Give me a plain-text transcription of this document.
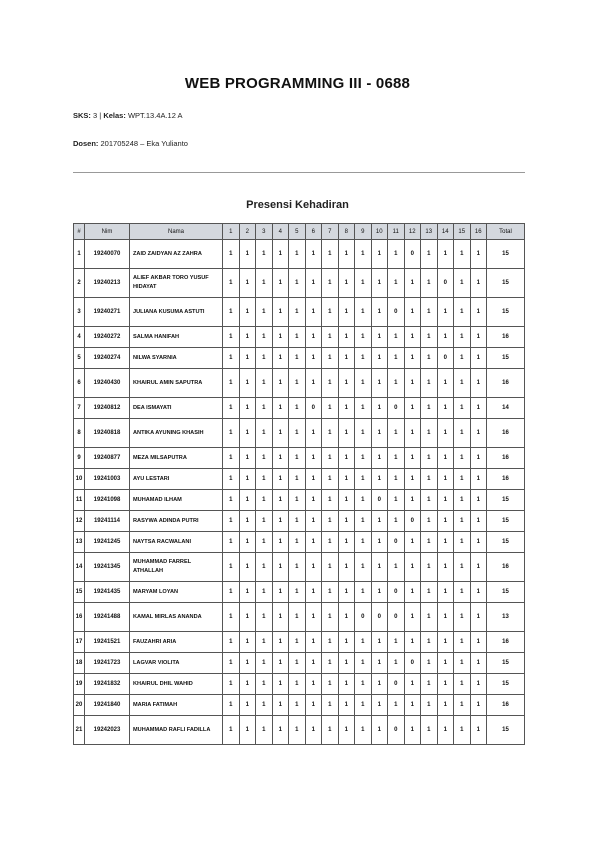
WEB PROGRAMMING III - 0688
SKS: 3 | Kelas: WPT.13.4A.12 A
Dosen: 201705248 – Eka Yulianto
Presensi Kehadiran
#	Nim	Nama	1	2	3	4	5	6	7	8	9	10	11	12	13	14	15	16	Total
1	19240070	ZAID ZAIDYAN AZ ZAHRA	1	1	1	1	1	1	1	1	1	1	1	0	1	1	1	1	15
2	19240213	ALIEF AKBAR TORO YUSUF HIDAYAT	1	1	1	1	1	1	1	1	1	1	1	1	1	0	1	1	15
3	19240271	JULIANA KUSUMA ASTUTI	1	1	1	1	1	1	1	1	1	1	0	1	1	1	1	1	15
4	19240272	SALMA HANIFAH	1	1	1	1	1	1	1	1	1	1	1	1	1	1	1	1	16
5	19240274	NILWA SYARNIA	1	1	1	1	1	1	1	1	1	1	1	1	1	0	1	1	15
6	19240430	KHAIRUL AMIN SAPUTRA	1	1	1	1	1	1	1	1	1	1	1	1	1	1	1	1	16
7	19240812	DEA ISMAYATI	1	1	1	1	1	0	1	1	1	1	0	1	1	1	1	1	14
8	19240818	ANTIKA AYUNING KHASIH	1	1	1	1	1	1	1	1	1	1	1	1	1	1	1	1	16
9	19240877	MEZA MILSAPUTRA	1	1	1	1	1	1	1	1	1	1	1	1	1	1	1	1	16
10	19241003	AYU LESTARI	1	1	1	1	1	1	1	1	1	1	1	1	1	1	1	1	16
11	19241098	MUHAMAD ILHAM	1	1	1	1	1	1	1	1	1	0	1	1	1	1	1	1	15
12	19241114	RASYWA ADINDA PUTRI	1	1	1	1	1	1	1	1	1	1	1	0	1	1	1	1	15
13	19241245	NAYTSA RACWALANI	1	1	1	1	1	1	1	1	1	1	0	1	1	1	1	1	15
14	19241345	MUHAMMAD FARREL ATHALLAH	1	1	1	1	1	1	1	1	1	1	1	1	1	1	1	1	16
15	19241435	MARYAM LOYAN	1	1	1	1	1	1	1	1	1	1	0	1	1	1	1	1	15
16	19241488	KAMAL MIRLAS ANANDA	1	1	1	1	1	1	1	1	0	0	0	1	1	1	1	1	13
17	19241521	FAUZAHRI ARIA	1	1	1	1	1	1	1	1	1	1	1	1	1	1	1	1	16
18	19241723	LAGVAR VIOLITA	1	1	1	1	1	1	1	1	1	1	1	0	1	1	1	1	15
19	19241832	KHAIRUL DHIL WAHID	1	1	1	1	1	1	1	1	1	1	0	1	1	1	1	1	15
20	19241840	MARIA FATIMAH	1	1	1	1	1	1	1	1	1	1	1	1	1	1	1	1	16
21	19242023	MUHAMMAD RAFLI FADILLA	1	1	1	1	1	1	1	1	1	1	0	1	1	1	1	1	15
